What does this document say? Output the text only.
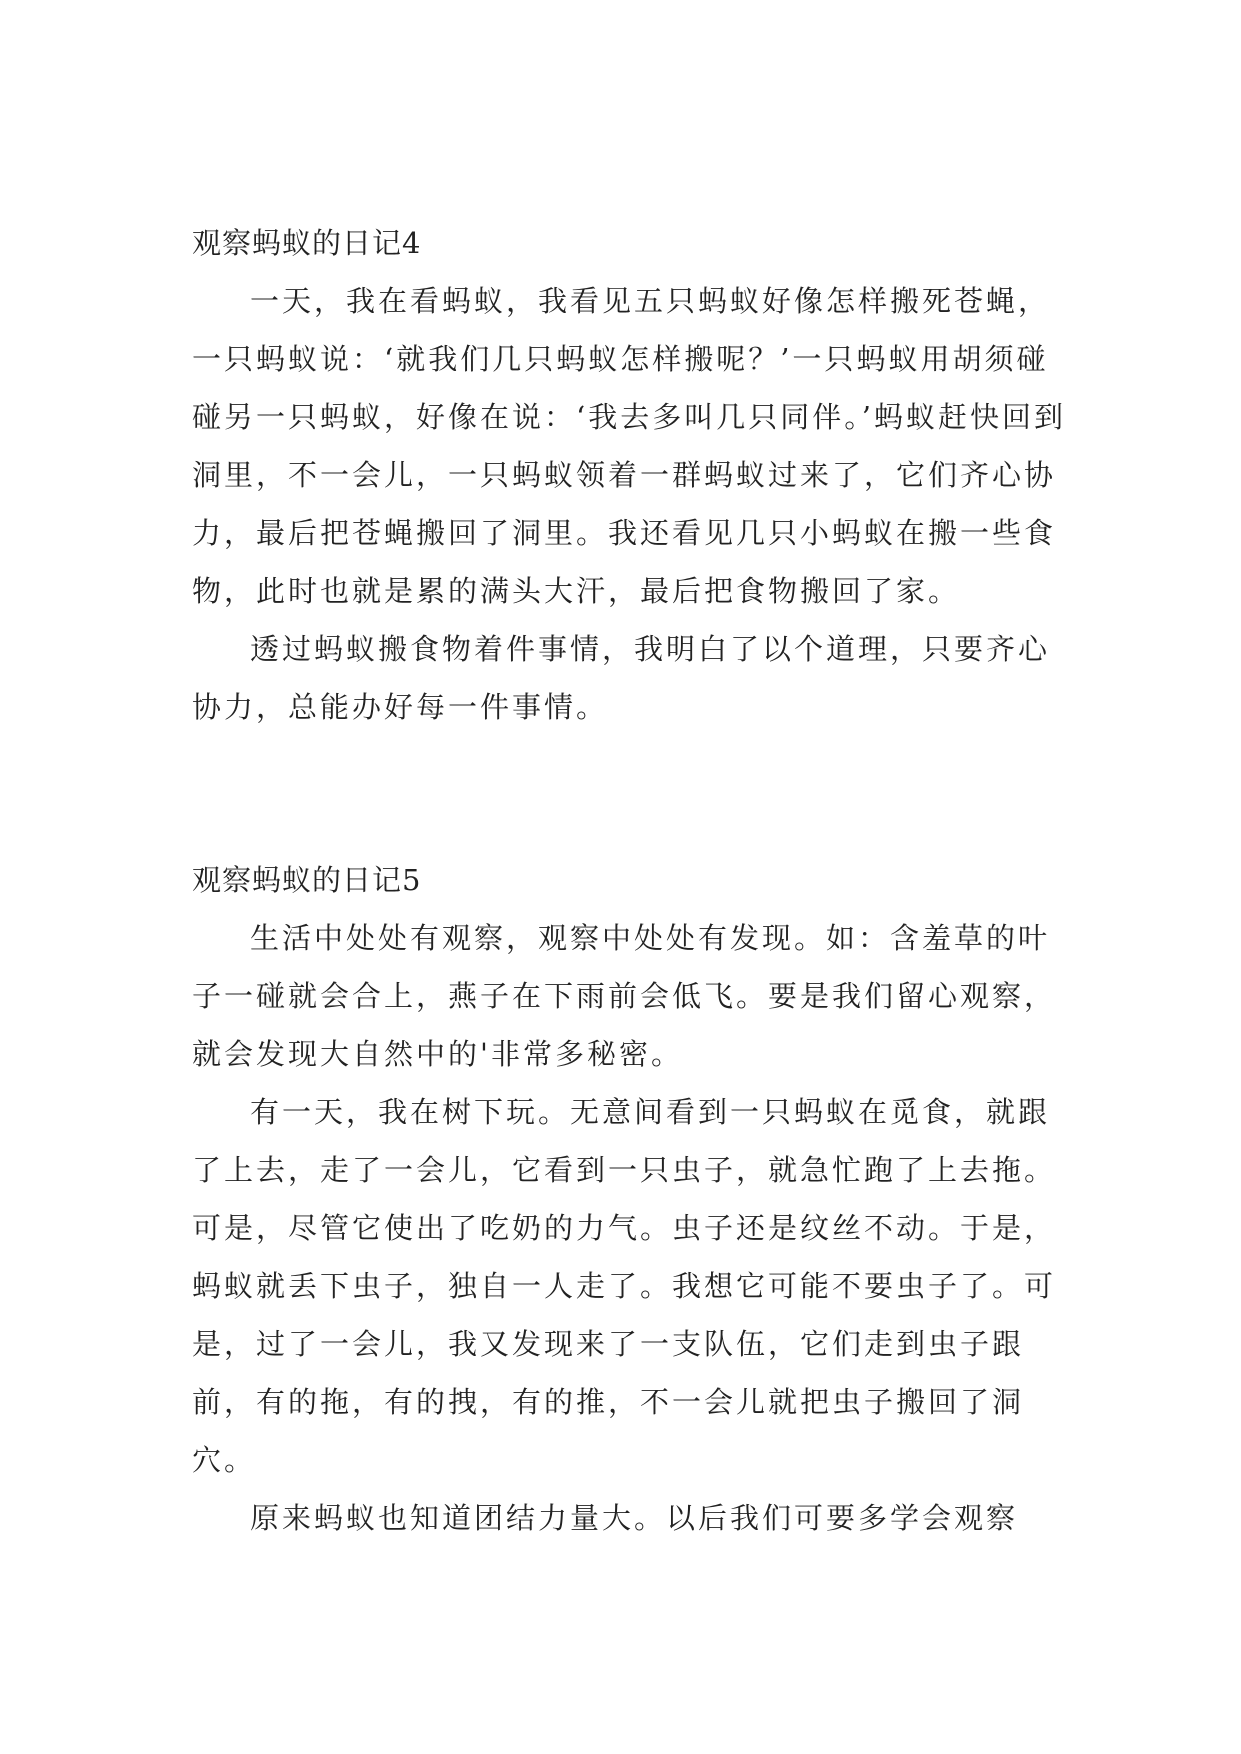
观察蚂蚁的日记4

一天，我在看蚂蚁，我看见五只蚂蚁好像怎样搬死苍蝇，一只蚂蚁说：‘就我们几只蚂蚁怎样搬呢？’一只蚂蚁用胡须碰碰另一只蚂蚁，好像在说：‘我去多叫几只同伴。’蚂蚁赶快回到洞里，不一会儿，一只蚂蚁领着一群蚂蚁过来了，它们齐心协力，最后把苍蝇搬回了洞里。我还看见几只小蚂蚁在搬一些食物，此时也就是累的满头大汗，最后把食物搬回了家。

透过蚂蚁搬食物着件事情，我明白了以个道理，只要齐心协力，总能办好每一件事情。

观察蚂蚁的日记5

生活中处处有观察，观察中处处有发现。如：含羞草的叶子一碰就会合上，燕子在下雨前会低飞。要是我们留心观察，就会发现大自然中的'非常多秘密。

有一天，我在树下玩。无意间看到一只蚂蚁在觅食，就跟了上去，走了一会儿，它看到一只虫子，就急忙跑了上去拖。可是，尽管它使出了吃奶的力气。虫子还是纹丝不动。于是，蚂蚁就丢下虫子，独自一人走了。我想它可能不要虫子了。可是，过了一会儿，我又发现来了一支队伍，它们走到虫子跟前，有的拖，有的拽，有的推，不一会儿就把虫子搬回了洞穴。

原来蚂蚁也知道团结力量大。以后我们可要多学会观察
